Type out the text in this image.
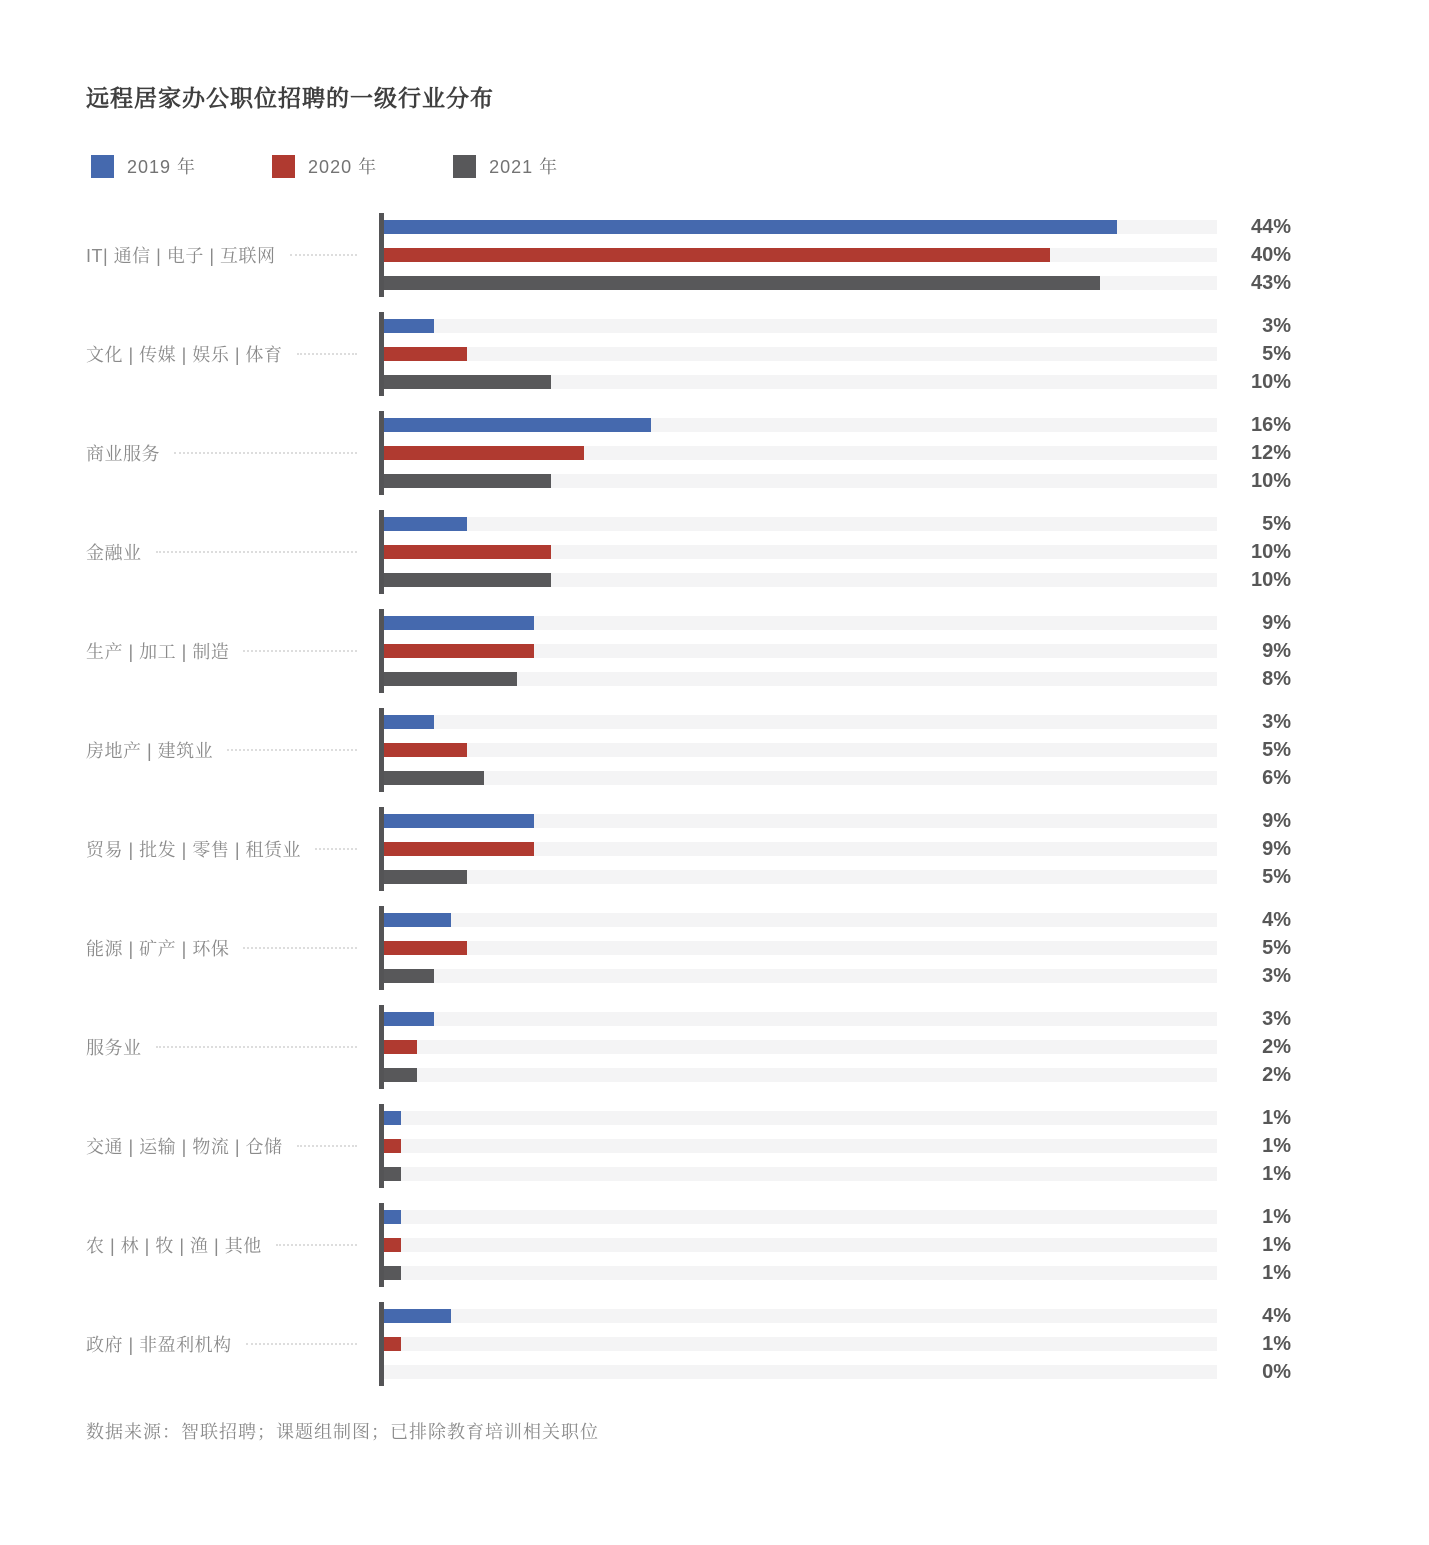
远程居家办公职位招聘的一级行业分布
2019 年	2020 年	2021 年
IT| 通信 | 电子 | 互联网
44%
40%
43%
文化 | 传媒 | 娱乐 | 体育
3%
5%
10%
商业服务
16%
12%
10%
金融业
5%
10%
10%
生产 | 加工 | 制造
9%
9%
8%
房地产 | 建筑业
3%
5%
6%
贸易 | 批发 | 零售 | 租赁业
9%
9%
5%
能源 | 矿产 | 环保
4%
5%
3%
服务业
3%
2%
2%
交通 | 运输 | 物流 | 仓储
1%
1%
1%
农 | 林 | 牧 | 渔 | 其他
1%
1%
1%
政府 | 非盈利机构
4%
1%
0%
数据来源：智联招聘；课题组制图；已排除教育培训相关职位
